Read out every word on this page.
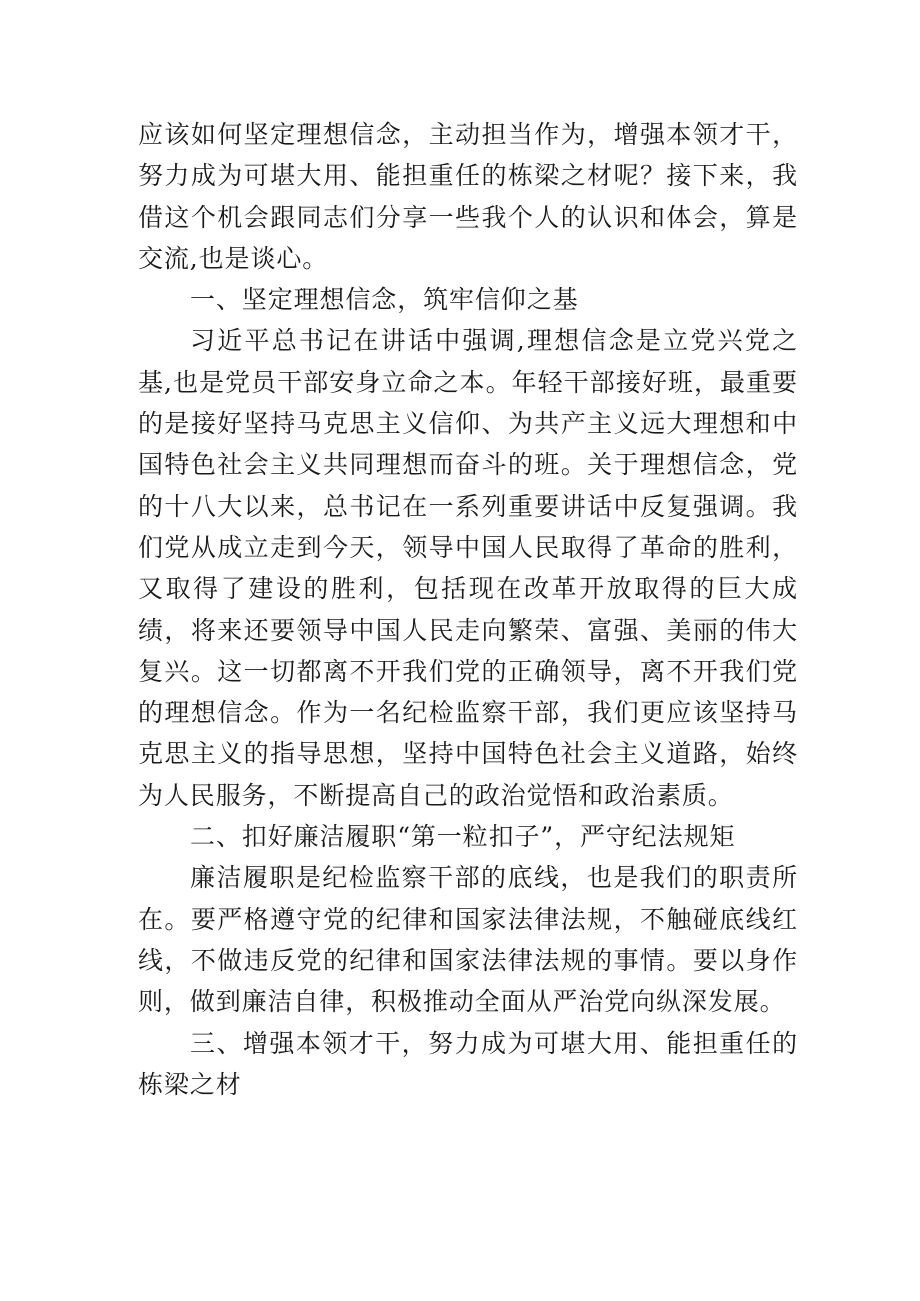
应该如何坚定理想信念，主动担当作为，增强本领才干，努力成为可堪大用、能担重任的栋梁之材呢？接下来，我借这个机会跟同志们分享一些我个人的认识和体会，算是交流,也是谈心。

一、坚定理想信念，筑牢信仰之基

习近平总书记在讲话中强调,理想信念是立党兴党之基,也是党员干部安身立命之本。年轻干部接好班，最重要的是接好坚持马克思主义信仰、为共产主义远大理想和中国特色社会主义共同理想而奋斗的班。关于理想信念，党的十八大以来，总书记在一系列重要讲话中反复强调。我们党从成立走到今天，领导中国人民取得了革命的胜利，又取得了建设的胜利，包括现在改革开放取得的巨大成绩，将来还要领导中国人民走向繁荣、富强、美丽的伟大复兴。这一切都离不开我们党的正确领导，离不开我们党的理想信念。作为一名纪检监察干部，我们更应该坚持马克思主义的指导思想，坚持中国特色社会主义道路，始终为人民服务，不断提高自己的政治觉悟和政治素质。

二、扣好廉洁履职“第一粒扣子”，严守纪法规矩

廉洁履职是纪检监察干部的底线，也是我们的职责所在。要严格遵守党的纪律和国家法律法规，不触碰底线红线，不做违反党的纪律和国家法律法规的事情。要以身作则，做到廉洁自律，积极推动全面从严治党向纵深发展。

三、增强本领才干，努力成为可堪大用、能担重任的栋梁之材
